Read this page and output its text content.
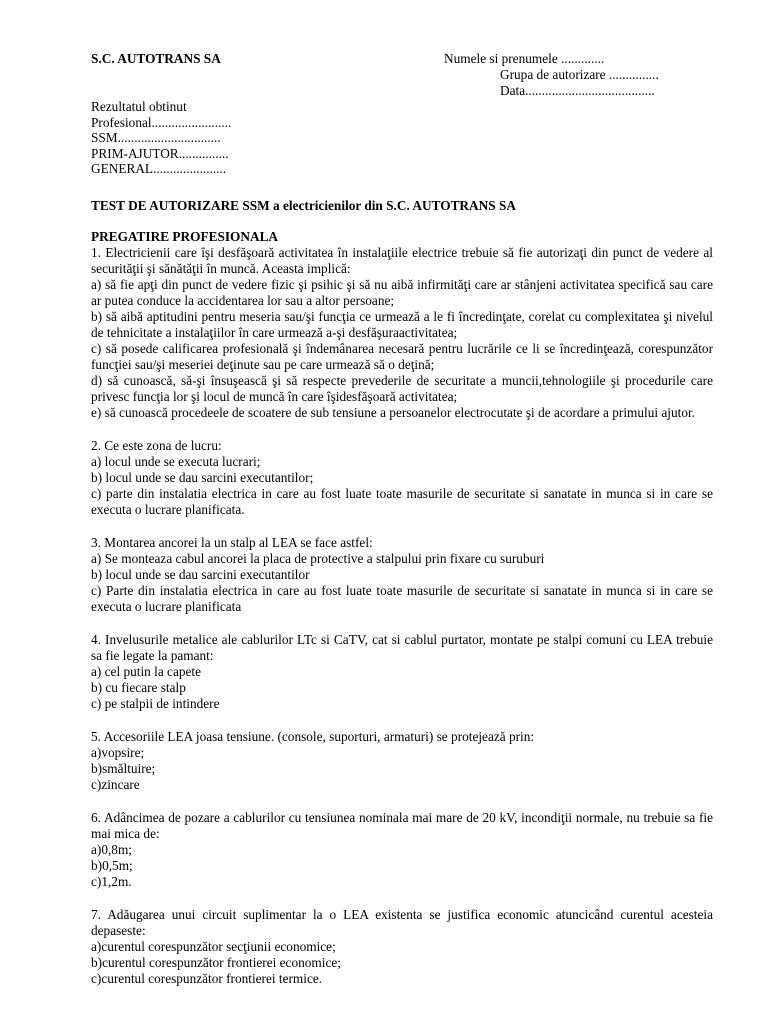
S.C. AUTOTRANS SA	Numele si prenumele .............
Grupa de autorizare ...............
Data.......................................
Rezultatul obtinut
Profesional........................
SSM...............................
PRIM-AJUTOR...............
GENERAL......................
TEST DE AUTORIZARE SSM a electricienilor din S.C. AUTOTRANS SA
PREGATIRE PROFESIONALA
1. Electricienii care îşi desfăşoară activitatea în instalaţiile electrice trebuie să fie autorizaţi din punct de vedere al securităţii şi sănătăţii în muncă. Aceasta implică:
a) să fie apţi din punct de vedere fizic şi psihic şi să nu aibă infirmităţi care ar stânjeni activitatea specifică sau care ar putea conduce la accidentarea lor sau a altor persoane;
b) să aibă aptitudini pentru meseria sau/şi funcţia ce urmează a le fi încredinţate, corelat cu complexitatea şi nivelul de tehnicitate a instalaţiilor în care urmează a-şi desfăşuraactivitatea;
c) să posede calificarea profesională şi îndemânarea necesară pentru lucrările ce li se încredinţează, corespunzător funcţiei sau/şi meseriei deţinute sau pe care urmează să o deţină;
d) să cunoască, să-şi însuşească şi să respecte prevederile de securitate a muncii,tehnologiile şi procedurile care privesc funcţia lor şi locul de muncă în care îşidesfăşoară activitatea;
e) să cunoască procedeele de scoatere de sub tensiune a persoanelor electrocutate şi de acordare a primului ajutor.
2. Ce este zona de lucru:
a) locul unde se executa lucrari;
b) locul unde se dau sarcini executantilor;
c) parte din instalatia electrica in care au fost luate toate masurile de securitate si sanatate in munca si in care se executa o lucrare planificata.
3. Montarea ancorei la un stalp al LEA se face astfel:
a) Se monteaza cabul ancorei la placa de protective a stalpului prin fixare cu suruburi
b) locul unde se dau sarcini executantilor
c) Parte din instalatia electrica in care au fost luate toate masurile de securitate si sanatate in munca si in care se executa o lucrare planificata
4. Invelusurile metalice ale cablurilor LTc si CaTV, cat si cablul purtator, montate pe stalpi comuni cu LEA trebuie sa fie legate la pamant:
a) cel putin la capete
b) cu fiecare stalp
c) pe stalpii de intindere
5. Accesoriile LEA joasa tensiune. (console, suporturi, armaturi) se protejează prin:
a)vopsire;
b)smăltuire;
c)zincare
6. Adâncimea de pozare a cablurilor cu tensiunea nominala mai mare de 20 kV, incondiţii normale, nu trebuie sa fie mai mica de:
a)0,8m;
b)0,5m;
c)1,2m.
7. Adăugarea unui circuit suplimentar la o LEA existenta se justifica economic atuncicând curentul acesteia depaseste:
a)curentul corespunzător secţiunii economice;
b)curentul corespunzător frontierei economice;
c)curentul corespunzător frontierei termice.
